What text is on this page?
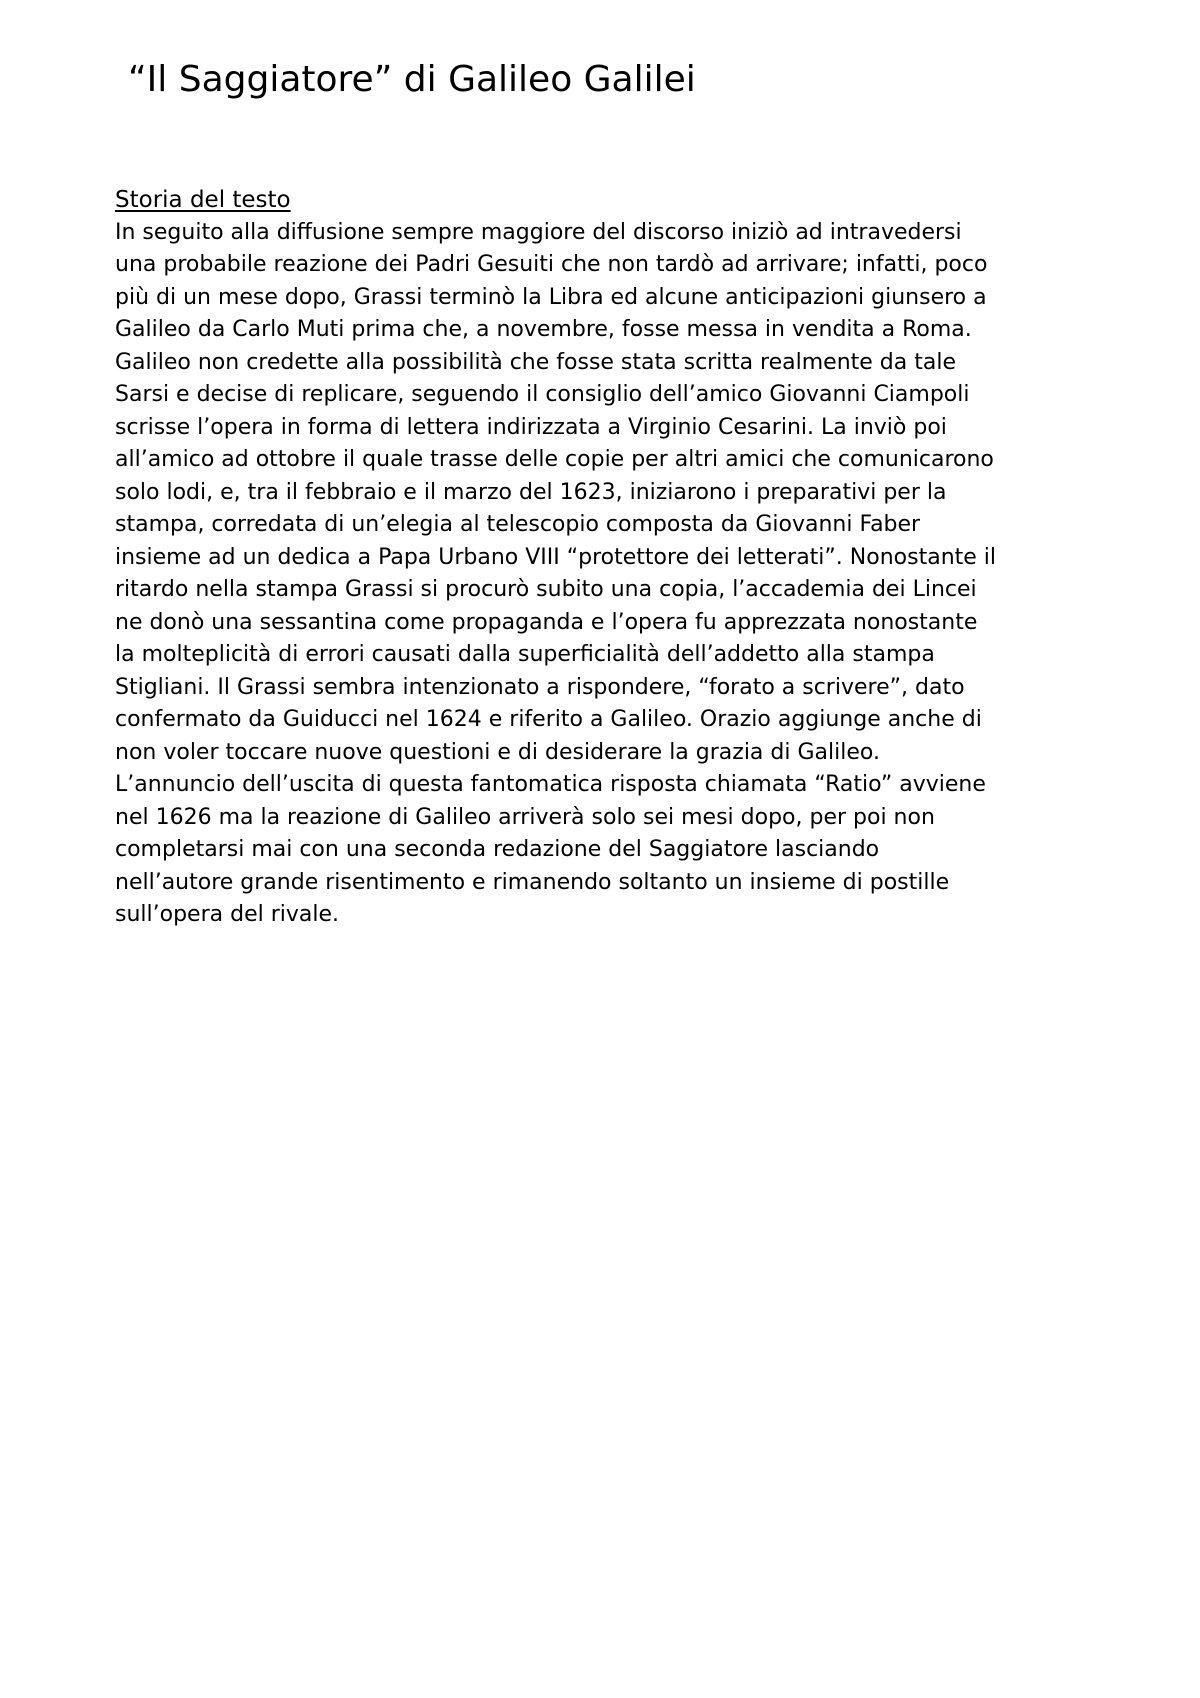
“Il Saggiatore” di Galileo Galilei
Storia del testo

In seguito alla diffusione sempre maggiore del discorso iniziò ad intravedersi
una probabile reazione dei Padri Gesuiti che non tardò ad arrivare; infatti, poco
più di un mese dopo, Grassi terminò la Libra ed alcune anticipazioni giunsero a
Galileo da Carlo Muti prima che, a novembre, fosse messa in vendita a Roma.
Galileo non credette alla possibilità che fosse stata scritta realmente da tale
Sarsi e decise di replicare, seguendo il consiglio dell’amico Giovanni Ciampoli
scrisse l’opera in forma di lettera indirizzata a Virginio Cesarini. La inviò poi
all’amico ad ottobre il quale trasse delle copie per altri amici che comunicarono
solo lodi, e, tra il febbraio e il marzo del 1623, iniziarono i preparativi per la
stampa, corredata di un’elegia al telescopio composta da Giovanni Faber
insieme ad un dedica a Papa Urbano VIII “protettore dei letterati”. Nonostante il
ritardo nella stampa Grassi si procurò subito una copia, l’accademia dei Lincei
ne donò una sessantina come propaganda e l’opera fu apprezzata nonostante
la molteplicità di errori causati dalla superficialità dell’addetto alla stampa
Stigliani. Il Grassi sembra intenzionato a rispondere, “forato a scrivere”, dato
confermato da Guiducci nel 1624 e riferito a Galileo. Orazio aggiunge anche di
non voler toccare nuove questioni e di desiderare la grazia di Galileo.
L’annuncio dell’uscita di questa fantomatica risposta chiamata “Ratio” avviene
nel 1626 ma la reazione di Galileo arriverà solo sei mesi dopo, per poi non
completarsi mai con una seconda redazione del Saggiatore lasciando
nell’autore grande risentimento e rimanendo soltanto un insieme di postille
sull’opera del rivale.
